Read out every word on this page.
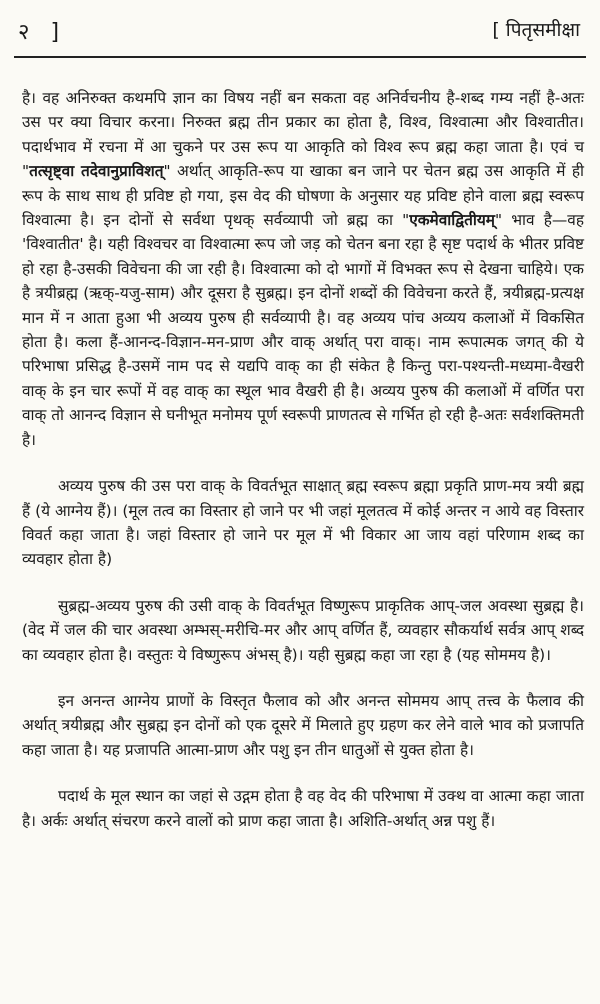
२ ]	[ पितृसमीक्षा

है। वह अनिरुक्त कथमपि ज्ञान का विषय नहीं बन सकता वह अनिर्वचनीय है-शब्द गम्य नहीं है-अतः उस पर क्या विचार करना। निरुक्त ब्रह्म तीन प्रकार का होता है, विश्व, विश्वात्मा और विश्वातीत। पदार्थभाव में रचना में आ चुकने पर उस रूप या आकृति को विश्व रूप ब्रह्म कहा जाता है। एवं च "तत्सृष्ट्वा तदेवानुप्राविशत्" अर्थात् आकृति-रूप या खाका बन जाने पर चेतन ब्रह्म उस आकृति में ही रूप के साथ साथ ही प्रविष्ट हो गया, इस वेद की घोषणा के अनुसार यह प्रविष्ट होने वाला ब्रह्म स्वरूप विश्वात्मा है। इन दोनों से सर्वथा पृथक् सर्वव्यापी जो ब्रह्म का "एकमेवाद्वितीयम्" भाव है—वह 'विश्वातीत' है। यही विश्वचर वा विश्वात्मा रूप जो जड़ को चेतन बना रहा है सृष्ट पदार्थ के भीतर प्रविष्ट हो रहा है-उसकी विवेचना की जा रही है। विश्वात्मा को दो भागों में विभक्त रूप से देखना चाहिये। एक है त्रयीब्रह्म (ऋक्-यजु-साम) और दूसरा है सुब्रह्म। इन दोनों शब्दों की विवेचना करते हैं, त्रयीब्रह्म-प्रत्यक्ष मान में न आता हुआ भी अव्यय पुरुष ही सर्वव्यापी है। वह अव्यय पांच अव्यय कलाओं में विकसित होता है। कला हैं-आनन्द-विज्ञान-मन-प्राण और वाक् अर्थात् परा वाक्। नाम रूपात्मक जगत् की ये परिभाषा प्रसिद्ध है-उसमें नाम पद से यद्यपि वाक् का ही संकेत है किन्तु परा-पश्यन्ती-मध्यमा-वैखरी वाक् के इन चार रूपों में वह वाक् का स्थूल भाव वैखरी ही है। अव्यय पुरुष की कलाओं में वर्णित परा वाक् तो आनन्द विज्ञान से घनीभूत मनोमय पूर्ण स्वरूपी प्राणतत्व से गर्भित हो रही है-अतः सर्वशक्तिमती है।

अव्यय पुरुष की उस परा वाक् के विवर्तभूत साक्षात् ब्रह्म स्वरूप ब्रह्मा प्रकृति प्राण-मय त्रयी ब्रह्म हैं (ये आग्नेय हैं)। (मूल तत्व का विस्तार हो जाने पर भी जहां मूलतत्व में कोई अन्तर न आये वह विस्तार विवर्त कहा जाता है। जहां विस्तार हो जाने पर मूल में भी विकार आ जाय वहां परिणाम शब्द का व्यवहार होता है)

सुब्रह्म-अव्यय पुरुष की उसी वाक् के विवर्तभूत विष्णुरूप प्राकृतिक आप्-जल अवस्था सुब्रह्म है। (वेद में जल की चार अवस्था अम्भस्-मरीचि-मर और आप् वर्णित हैं, व्यवहार सौकर्यार्थ सर्वत्र आप् शब्द का व्यवहार होता है। वस्तुतः ये विष्णुरूप अंभस् है)। यही सुब्रह्म कहा जा रहा है (यह सोममय है)।

इन अनन्त आग्नेय प्राणों के विस्तृत फैलाव को और अनन्त सोममय आप् तत्त्व के फैलाव की अर्थात् त्रयीब्रह्म और सुब्रह्म इन दोनों को एक दूसरे में मिलाते हुए ग्रहण कर लेने वाले भाव को प्रजापति कहा जाता है। यह प्रजापति आत्मा-प्राण और पशु इन तीन धातुओं से युक्त होता है।

पदार्थ के मूल स्थान का जहां से उद्गम होता है वह वेद की परिभाषा में उक्थ वा आत्मा कहा जाता है। अर्कः अर्थात् संचरण करने वालों को प्राण कहा जाता है। अशिति-अर्थात् अन्न पशु हैं।
